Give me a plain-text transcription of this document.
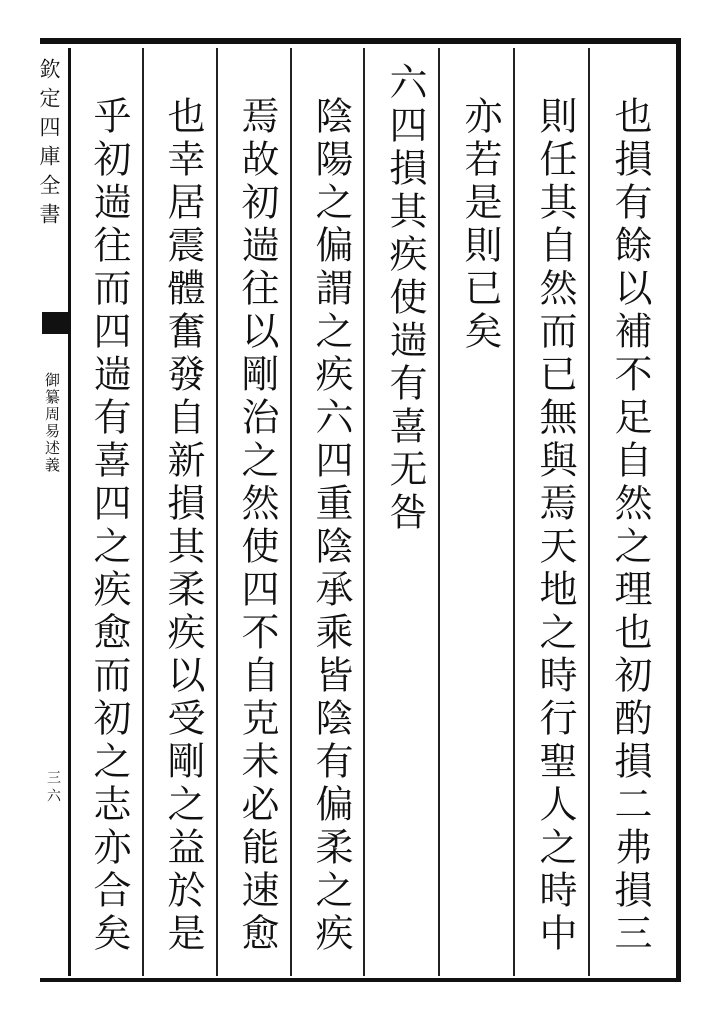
欽定四庫全書
御纂周易述義
三六	也損有餘以補不足自然之理也初酌損二弗損三
則任其自然而已無與焉天地之時行聖人之時中
亦若是則已矣
六四損其疾使遄有喜无咎
陰陽之偏謂之疾六四重陰承乘皆陰有偏柔之疾
焉故初遄往以剛治之然使四不自克未必能速愈
也幸居震體奮發自新損其柔疾以受剛之益於是
乎初遄往而四遄有喜四之疾愈而初之志亦合矣
